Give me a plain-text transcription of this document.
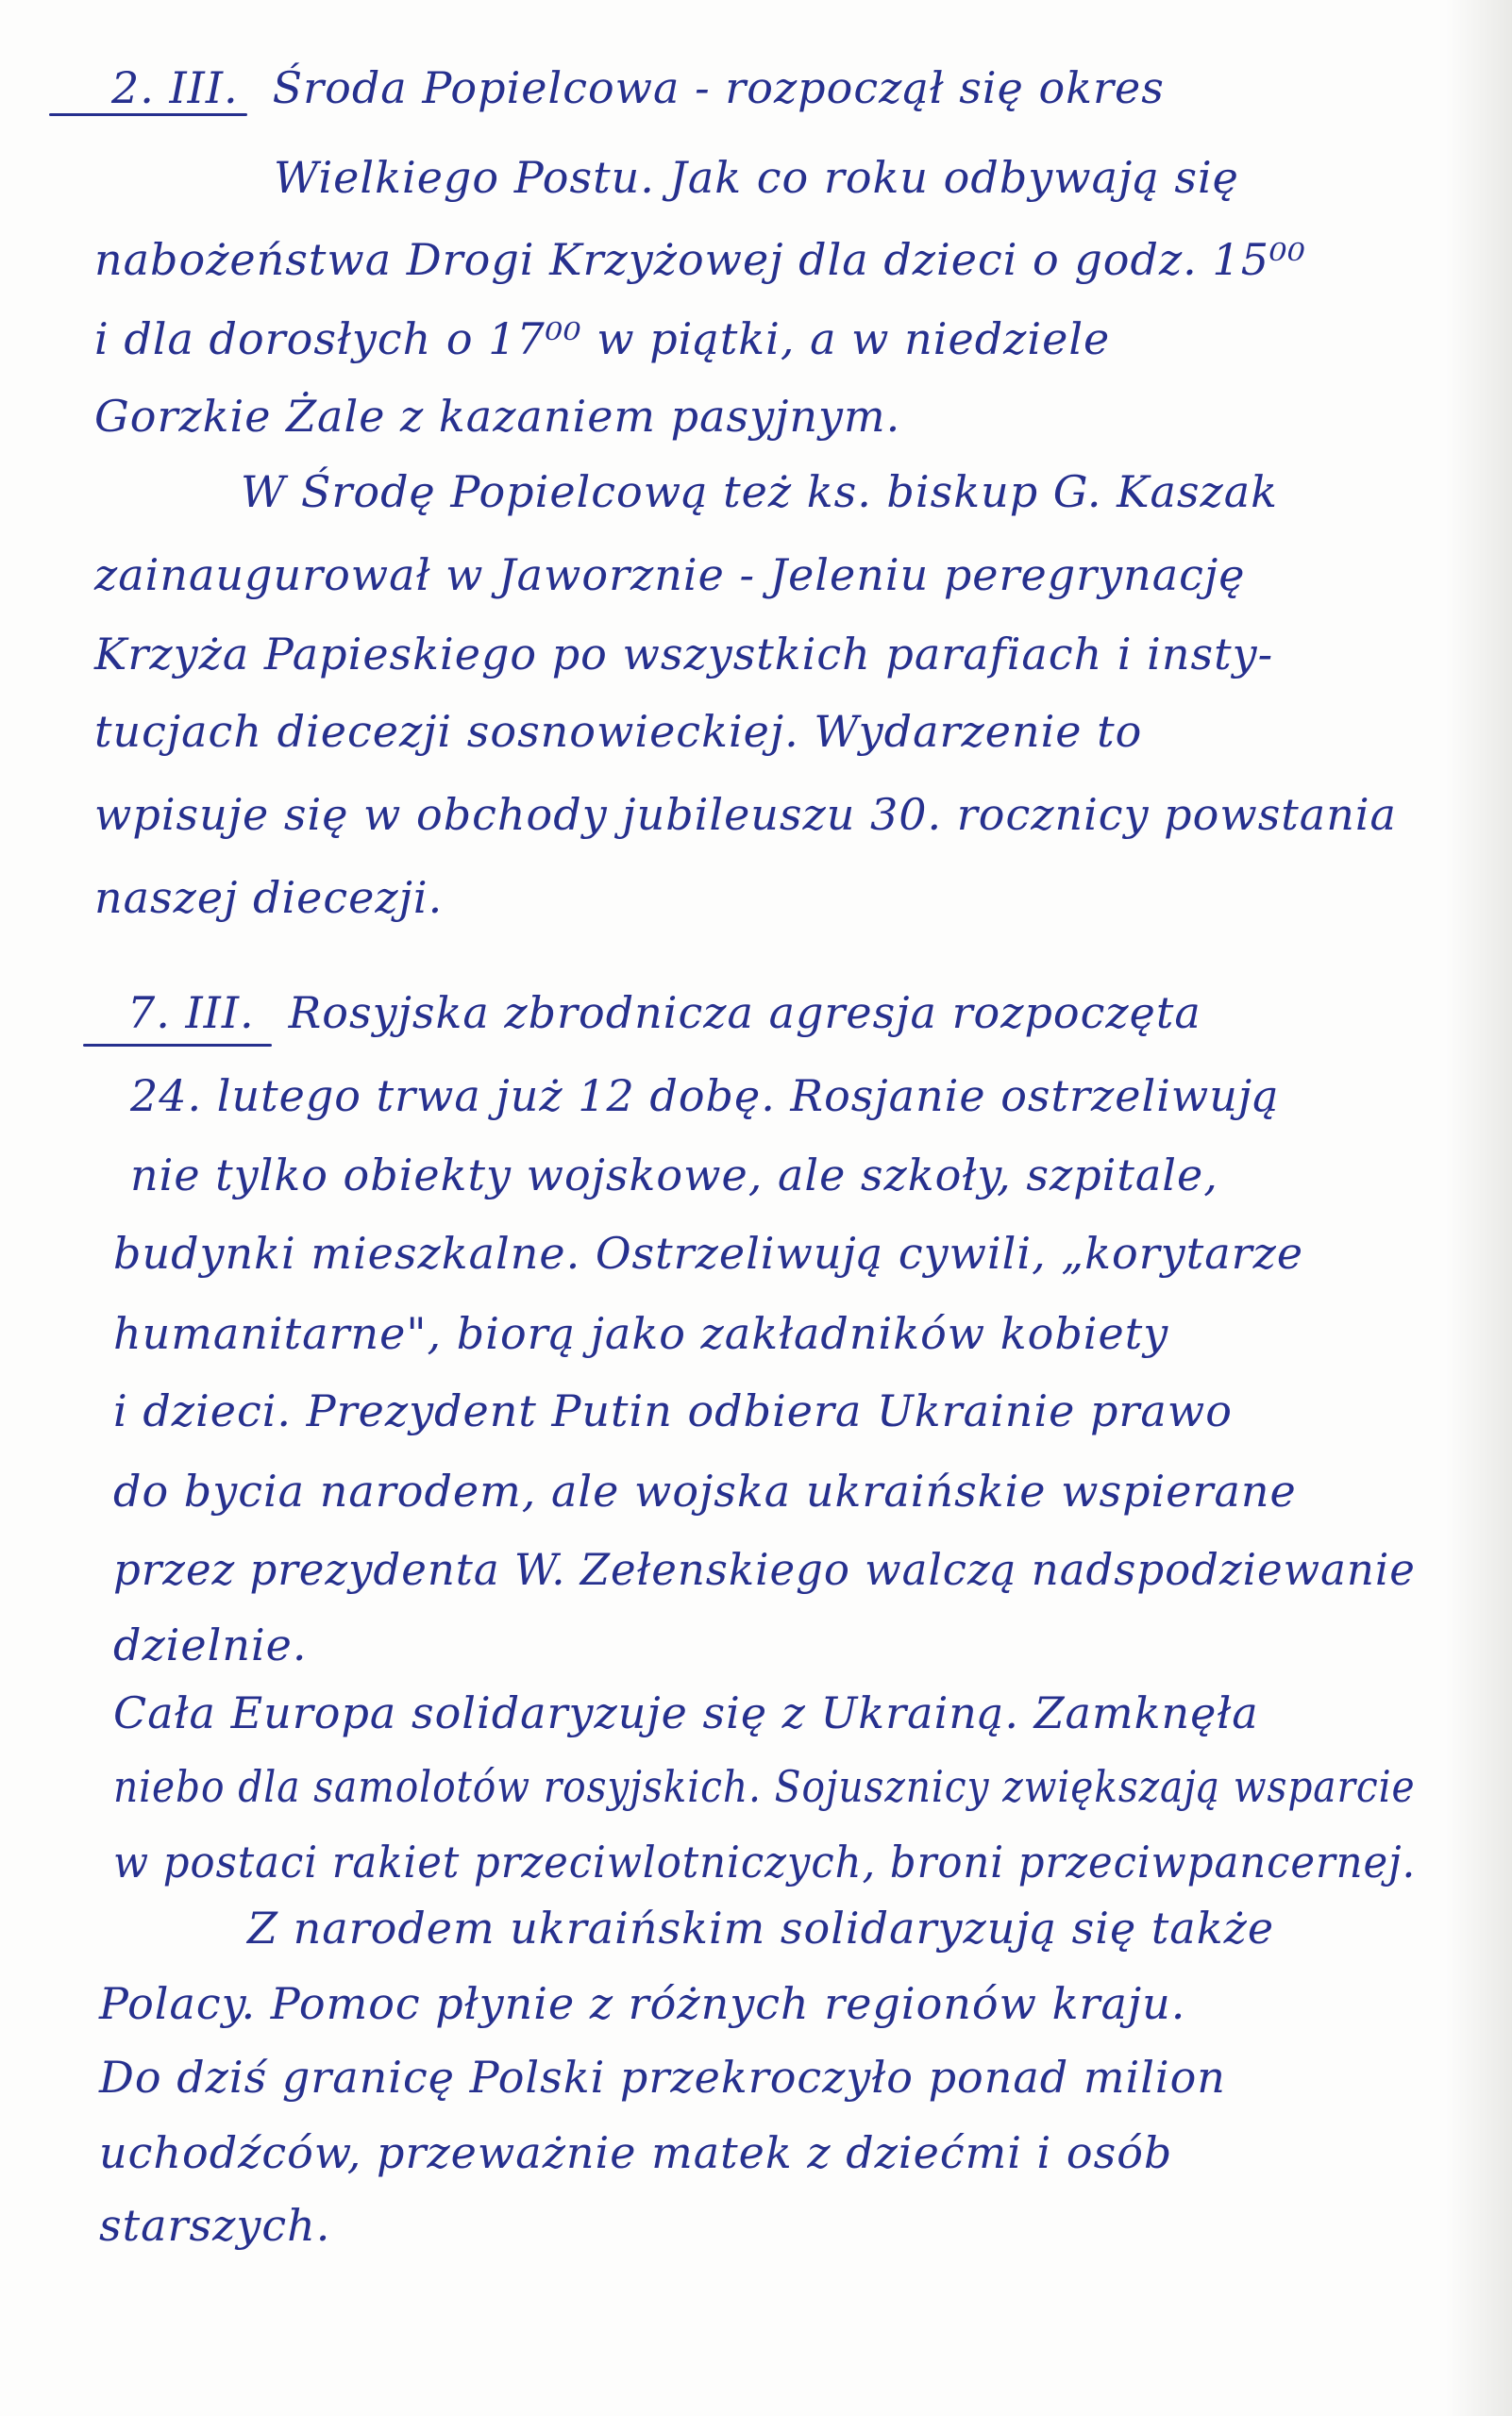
2. III. Środa Popielcowa - rozpoczął się okres
Wielkiego Postu. Jak co roku odbywają się
nabożeństwa Drogi Krzyżowej dla dzieci o godz. 15⁰⁰
i dla dorosłych o 17⁰⁰ w piątki, a w niedziele
Gorzkie Żale z kazaniem pasyjnym.
W Środę Popielcową też ks. biskup G. Kaszak
zainaugurował w Jaworznie - Jeleniu peregrynację
Krzyża Papieskiego po wszystkich parafiach i insty-
tucjach diecezji sosnowieckiej. Wydarzenie to
wpisuje się w obchody jubileuszu 30. rocznicy powstania
naszej diecezji.
7. III. Rosyjska zbrodnicza agresja rozpoczęta
24. lutego trwa już 12 dobę. Rosjanie ostrzeliwują
nie tylko obiekty wojskowe, ale szkoły, szpitale,
budynki mieszkalne. Ostrzeliwują cywili, „korytarze
humanitarne", biorą jako zakładników kobiety
i dzieci. Prezydent Putin odbiera Ukrainie prawo
do bycia narodem, ale wojska ukraińskie wspierane
przez prezydenta W. Zełenskiego walczą nadspodziewanie
dzielnie.
Cała Europa solidaryzuje się z Ukrainą. Zamknęła
niebo dla samolotów rosyjskich. Sojusznicy zwiększają wsparcie
w postaci rakiet przeciwlotniczych, broni przeciwpancernej.
Z narodem ukraińskim solidaryzują się także
Polacy. Pomoc płynie z różnych regionów kraju.
Do dziś granicę Polski przekroczyło ponad milion
uchodźców, przeważnie matek z dziećmi i osób
starszych.
